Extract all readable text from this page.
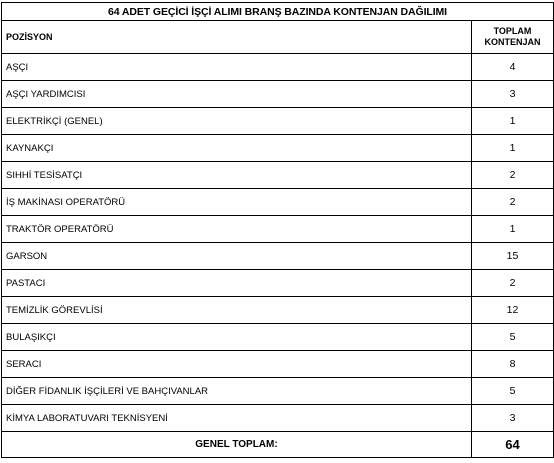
64 ADET GEÇİCİ İŞÇİ ALIMI BRANŞ BAZINDA KONTENJAN DAĞILIMI	
POZİSYON	TOPLAM
KONTENJAN

AŞÇI	4
AŞÇI YARDIMCISI	3
ELEKTRİKÇİ (GENEL)	1
KAYNAKÇI	1
SIHHİ TESİSATÇI	2
İŞ MAKİNASI OPERATÖRÜ	2
TRAKTÖR OPERATÖRÜ	1
GARSON	15
PASTACI	2
TEMİZLİK GÖREVLİSİ	12
BULAŞIKÇI	5
SERACI	8
DİĞER FİDANLIK İŞÇİLERİ VE BAHÇIVANLAR	5
KİMYA LABORATUVARI TEKNİSYENİ	3
GENEL TOPLAM:	64
